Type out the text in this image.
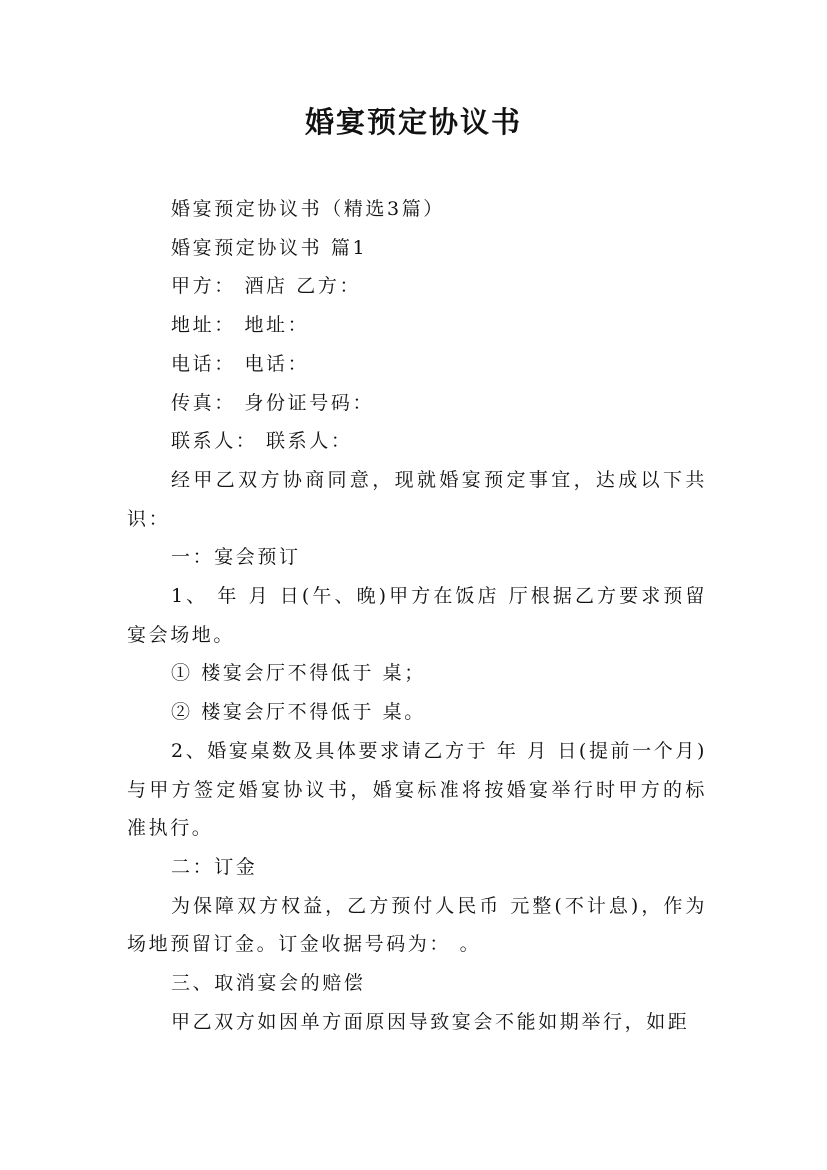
婚宴预定协议书

婚宴预定协议书（精选3篇）

婚宴预定协议书 篇1

甲方： 酒店 乙方：

地址： 地址：

电话： 电话：

传真： 身份证号码：

联系人： 联系人：

经甲乙双方协商同意，现就婚宴预定事宜，达成以下共识：

一：宴会预订

1、 年 月 日(午、晚)甲方在饭店 厅根据乙方要求预留宴会场地。

① 楼宴会厅不得低于 桌；

② 楼宴会厅不得低于 桌。

2、婚宴桌数及具体要求请乙方于 年 月 日(提前一个月)与甲方签定婚宴协议书，婚宴标准将按婚宴举行时甲方的标准执行。

二：订金

为保障双方权益，乙方预付人民币 元整(不计息)，作为场地预留订金。订金收据号码为： 。

三、取消宴会的赔偿

甲乙双方如因单方面原因导致宴会不能如期举行，如距
